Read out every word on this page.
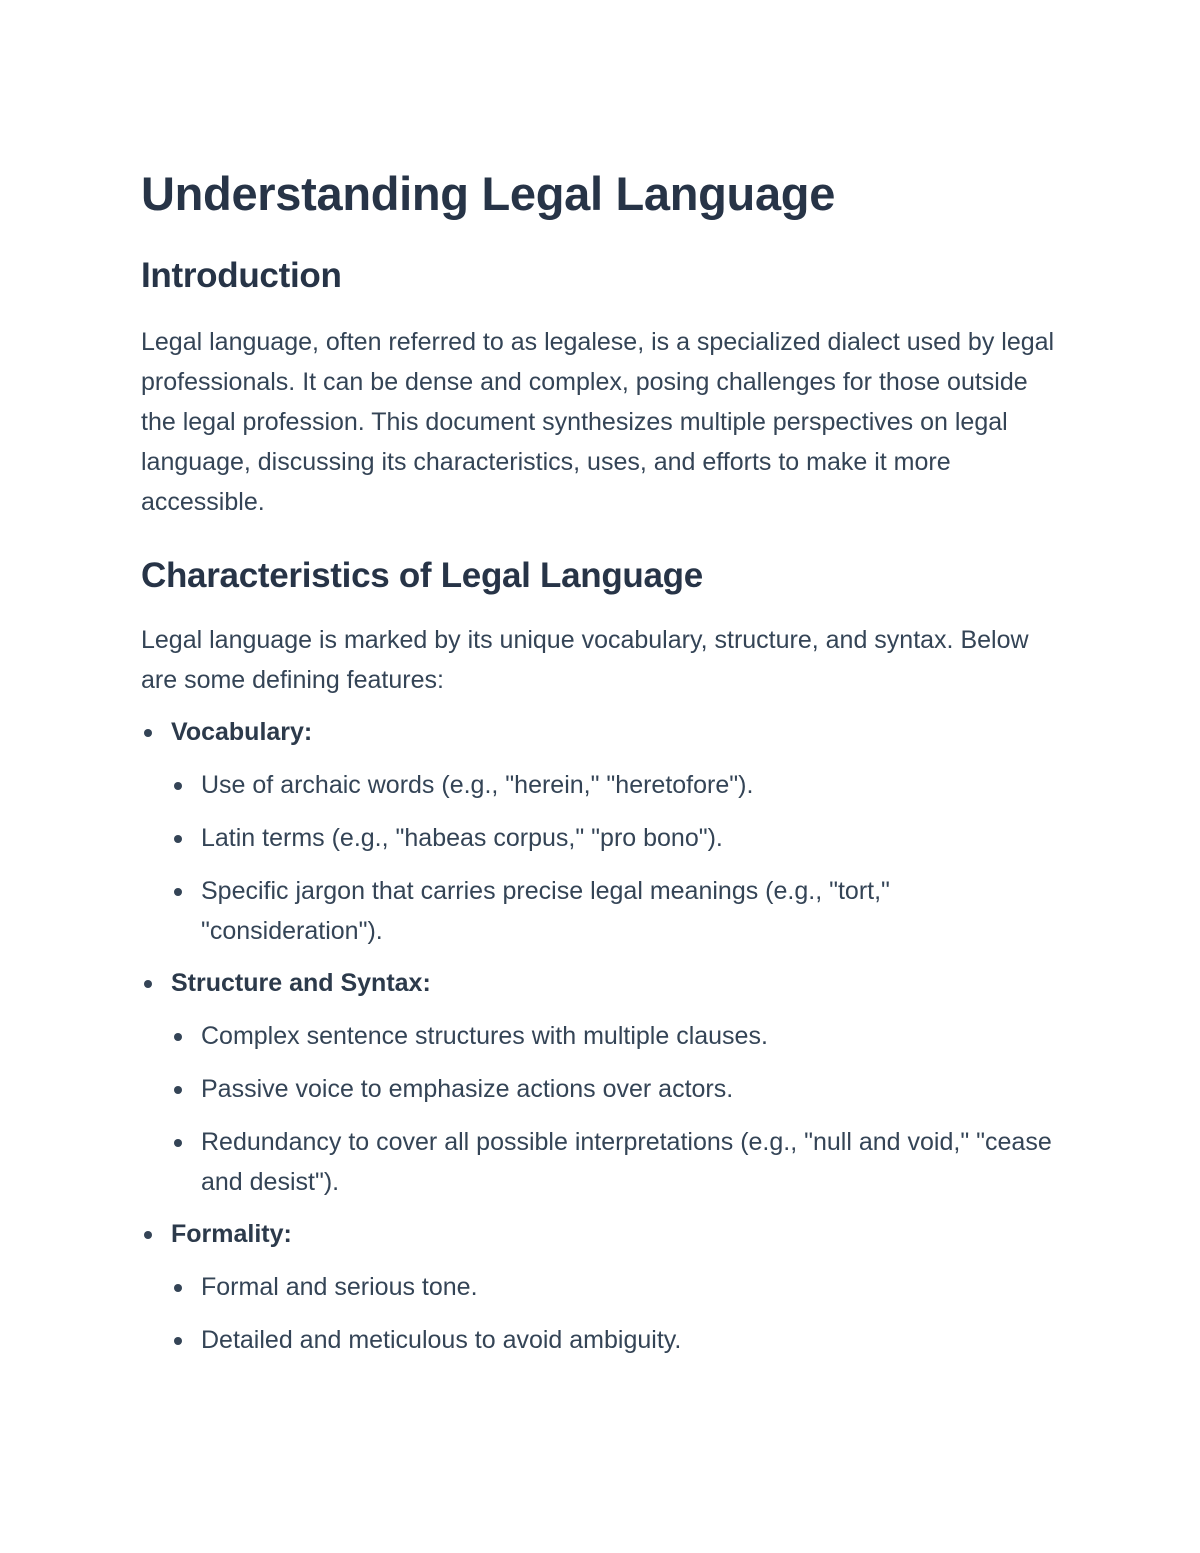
Understanding Legal Language
Introduction

Legal language, often referred to as legalese, is a specialized dialect used by legal professionals. It can be dense and complex, posing challenges for those outside the legal profession. This document synthesizes multiple perspectives on legal language, discussing its characteristics, uses, and efforts to make it more accessible.

Characteristics of Legal Language

Legal language is marked by its unique vocabulary, structure, and syntax. Below are some defining features:

Vocabulary:
Use of archaic words (e.g., "herein," "heretofore").
Latin terms (e.g., "habeas corpus," "pro bono").
Specific jargon that carries precise legal meanings (e.g., "tort," "consideration").
Structure and Syntax:
Complex sentence structures with multiple clauses.
Passive voice to emphasize actions over actors.
Redundancy to cover all possible interpretations (e.g., "null and void," "cease and desist").
Formality:
Formal and serious tone.
Detailed and meticulous to avoid ambiguity.
